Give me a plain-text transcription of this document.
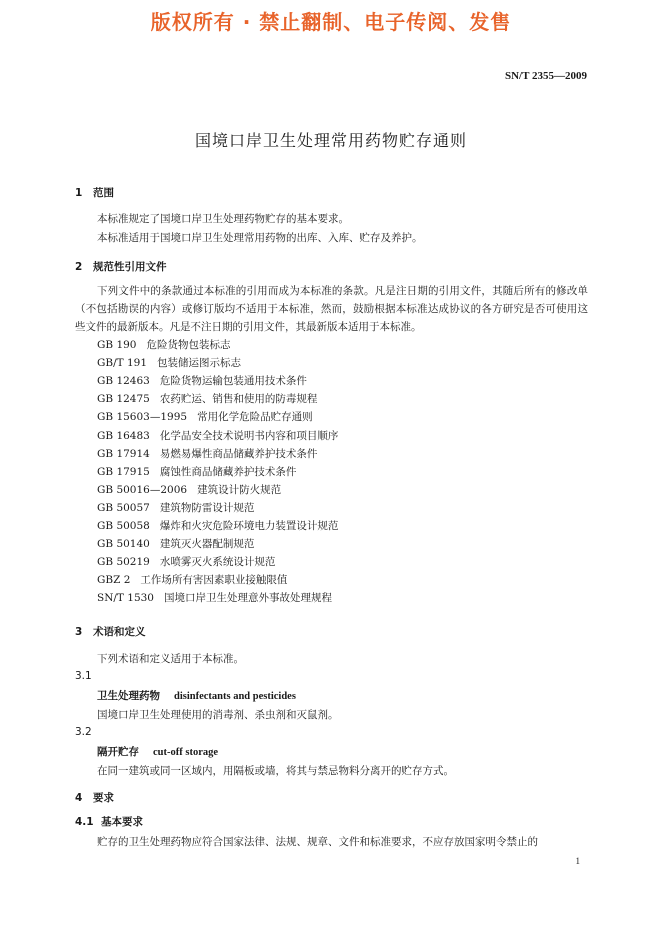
版权所有 · 禁止翻制、电子传阅、发售
SN/T 2355—2009
国境口岸卫生处理常用药物贮存通则
1 范围
本标准规定了国境口岸卫生处理药物贮存的基本要求。
本标准适用于国境口岸卫生处理常用药物的出库、入库、贮存及养护。
2 规范性引用文件

下列文件中的条款通过本标准的引用而成为本标准的条款。凡是注日期的引用文件，其随后所有的修改单（不包括勘误的内容）或修订版均不适用于本标准，然而，鼓励根据本标准达成协议的各方研究是否可使用这些文件的最新版本。凡是不注日期的引用文件，其最新版本适用于本标准。

GB 190 危险货物包装标志
GB/T 191 包装储运图示标志
GB 12463 危险货物运输包装通用技术条件
GB 12475 农药贮运、销售和使用的防毒规程
GB 15603—1995 常用化学危险品贮存通则
GB 16483 化学品安全技术说明书内容和项目顺序
GB 17914 易燃易爆性商品储藏养护技术条件
GB 17915 腐蚀性商品储藏养护技术条件
GB 50016—2006 建筑设计防火规范
GB 50057 建筑物防雷设计规范
GB 50058 爆炸和火灾危险环境电力装置设计规范
GB 50140 建筑灭火器配制规范
GB 50219 水喷雾灭火系统设计规范
GBZ 2 工作场所有害因素职业接触限值
SN/T 1530 国境口岸卫生处理意外事故处理规程
3 术语和定义
下列术语和定义适用于本标准。
3.1
卫生处理药物 disinfectants and pesticides
国境口岸卫生处理使用的消毒剂、杀虫剂和灭鼠剂。
3.2
隔开贮存 cut-off storage
在同一建筑或同一区域内，用隔板或墙，将其与禁忌物料分离开的贮存方式。
4 要求
4.1 基本要求
贮存的卫生处理药物应符合国家法律、法规、规章、文件和标准要求，不应存放国家明令禁止的
1
